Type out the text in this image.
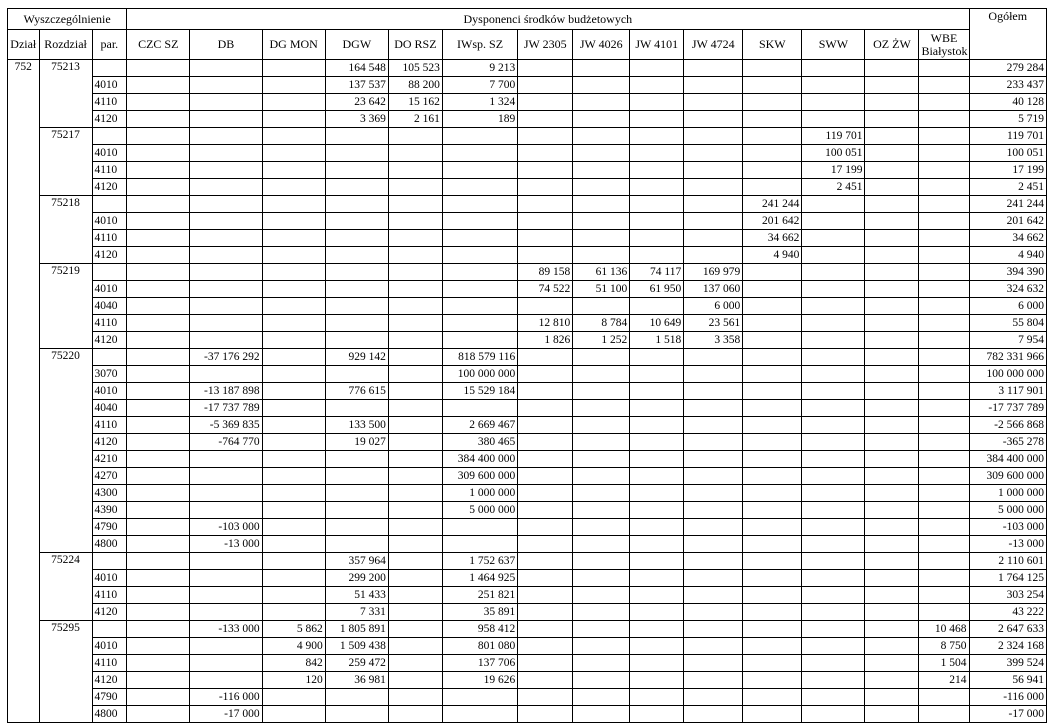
Wyszczególnienie			Dysponenci środków budżetowych														Ogółem
Dział	Rozdział	par.	CZC SZ	DB	DG MON	DGW	DO RSZ	IWsp. SZ	JW 2305	JW 4026	JW 4101	JW 4724	SKW	SWW	OZ ŻW	WBE Białystok	
752	75213					164 548	105 523	9 213									279 284
		4010				137 537	88 200	7 700									233 437
		4110				23 642	15 162	1 324									40 128
		4120				3 369	2 161	189									5 719
	75217													119 701			119 701
		4010												100 051			100 051
		4110												17 199			17 199
		4120												2 451			2 451
	75218												241 244				241 244
		4010											201 642				201 642
		4110											34 662				34 662
		4120											4 940				4 940
	75219								89 158	61 136	74 117	169 979					394 390
		4010							74 522	51 100	61 950	137 060					324 632
		4040										6 000					6 000
		4110							12 810	8 784	10 649	23 561					55 804
		4120							1 826	1 252	1 518	3 358					7 954
	75220			-37 176 292		929 142		818 579 116									782 331 966
		3070						100 000 000									100 000 000
		4010		-13 187 898		776 615		15 529 184									3 117 901
		4040		-17 737 789													-17 737 789
		4110		-5 369 835		133 500		2 669 467									-2 566 868
		4120		-764 770		19 027		380 465									-365 278
		4210						384 400 000									384 400 000
		4270						309 600 000									309 600 000
		4300						1 000 000									1 000 000
		4390						5 000 000									5 000 000
		4790		-103 000													-103 000
		4800		-13 000													-13 000
	75224					357 964		1 752 637									2 110 601
		4010				299 200		1 464 925									1 764 125
		4110				51 433		251 821									303 254
		4120				7 331		35 891									43 222
	75295			-133 000	5 862	1 805 891		958 412								10 468	2 647 633
		4010			4 900	1 509 438		801 080								8 750	2 324 168
		4110			842	259 472		137 706								1 504	399 524
		4120			120	36 981		19 626								214	56 941
		4790		-116 000													-116 000
		4800		-17 000													-17 000
